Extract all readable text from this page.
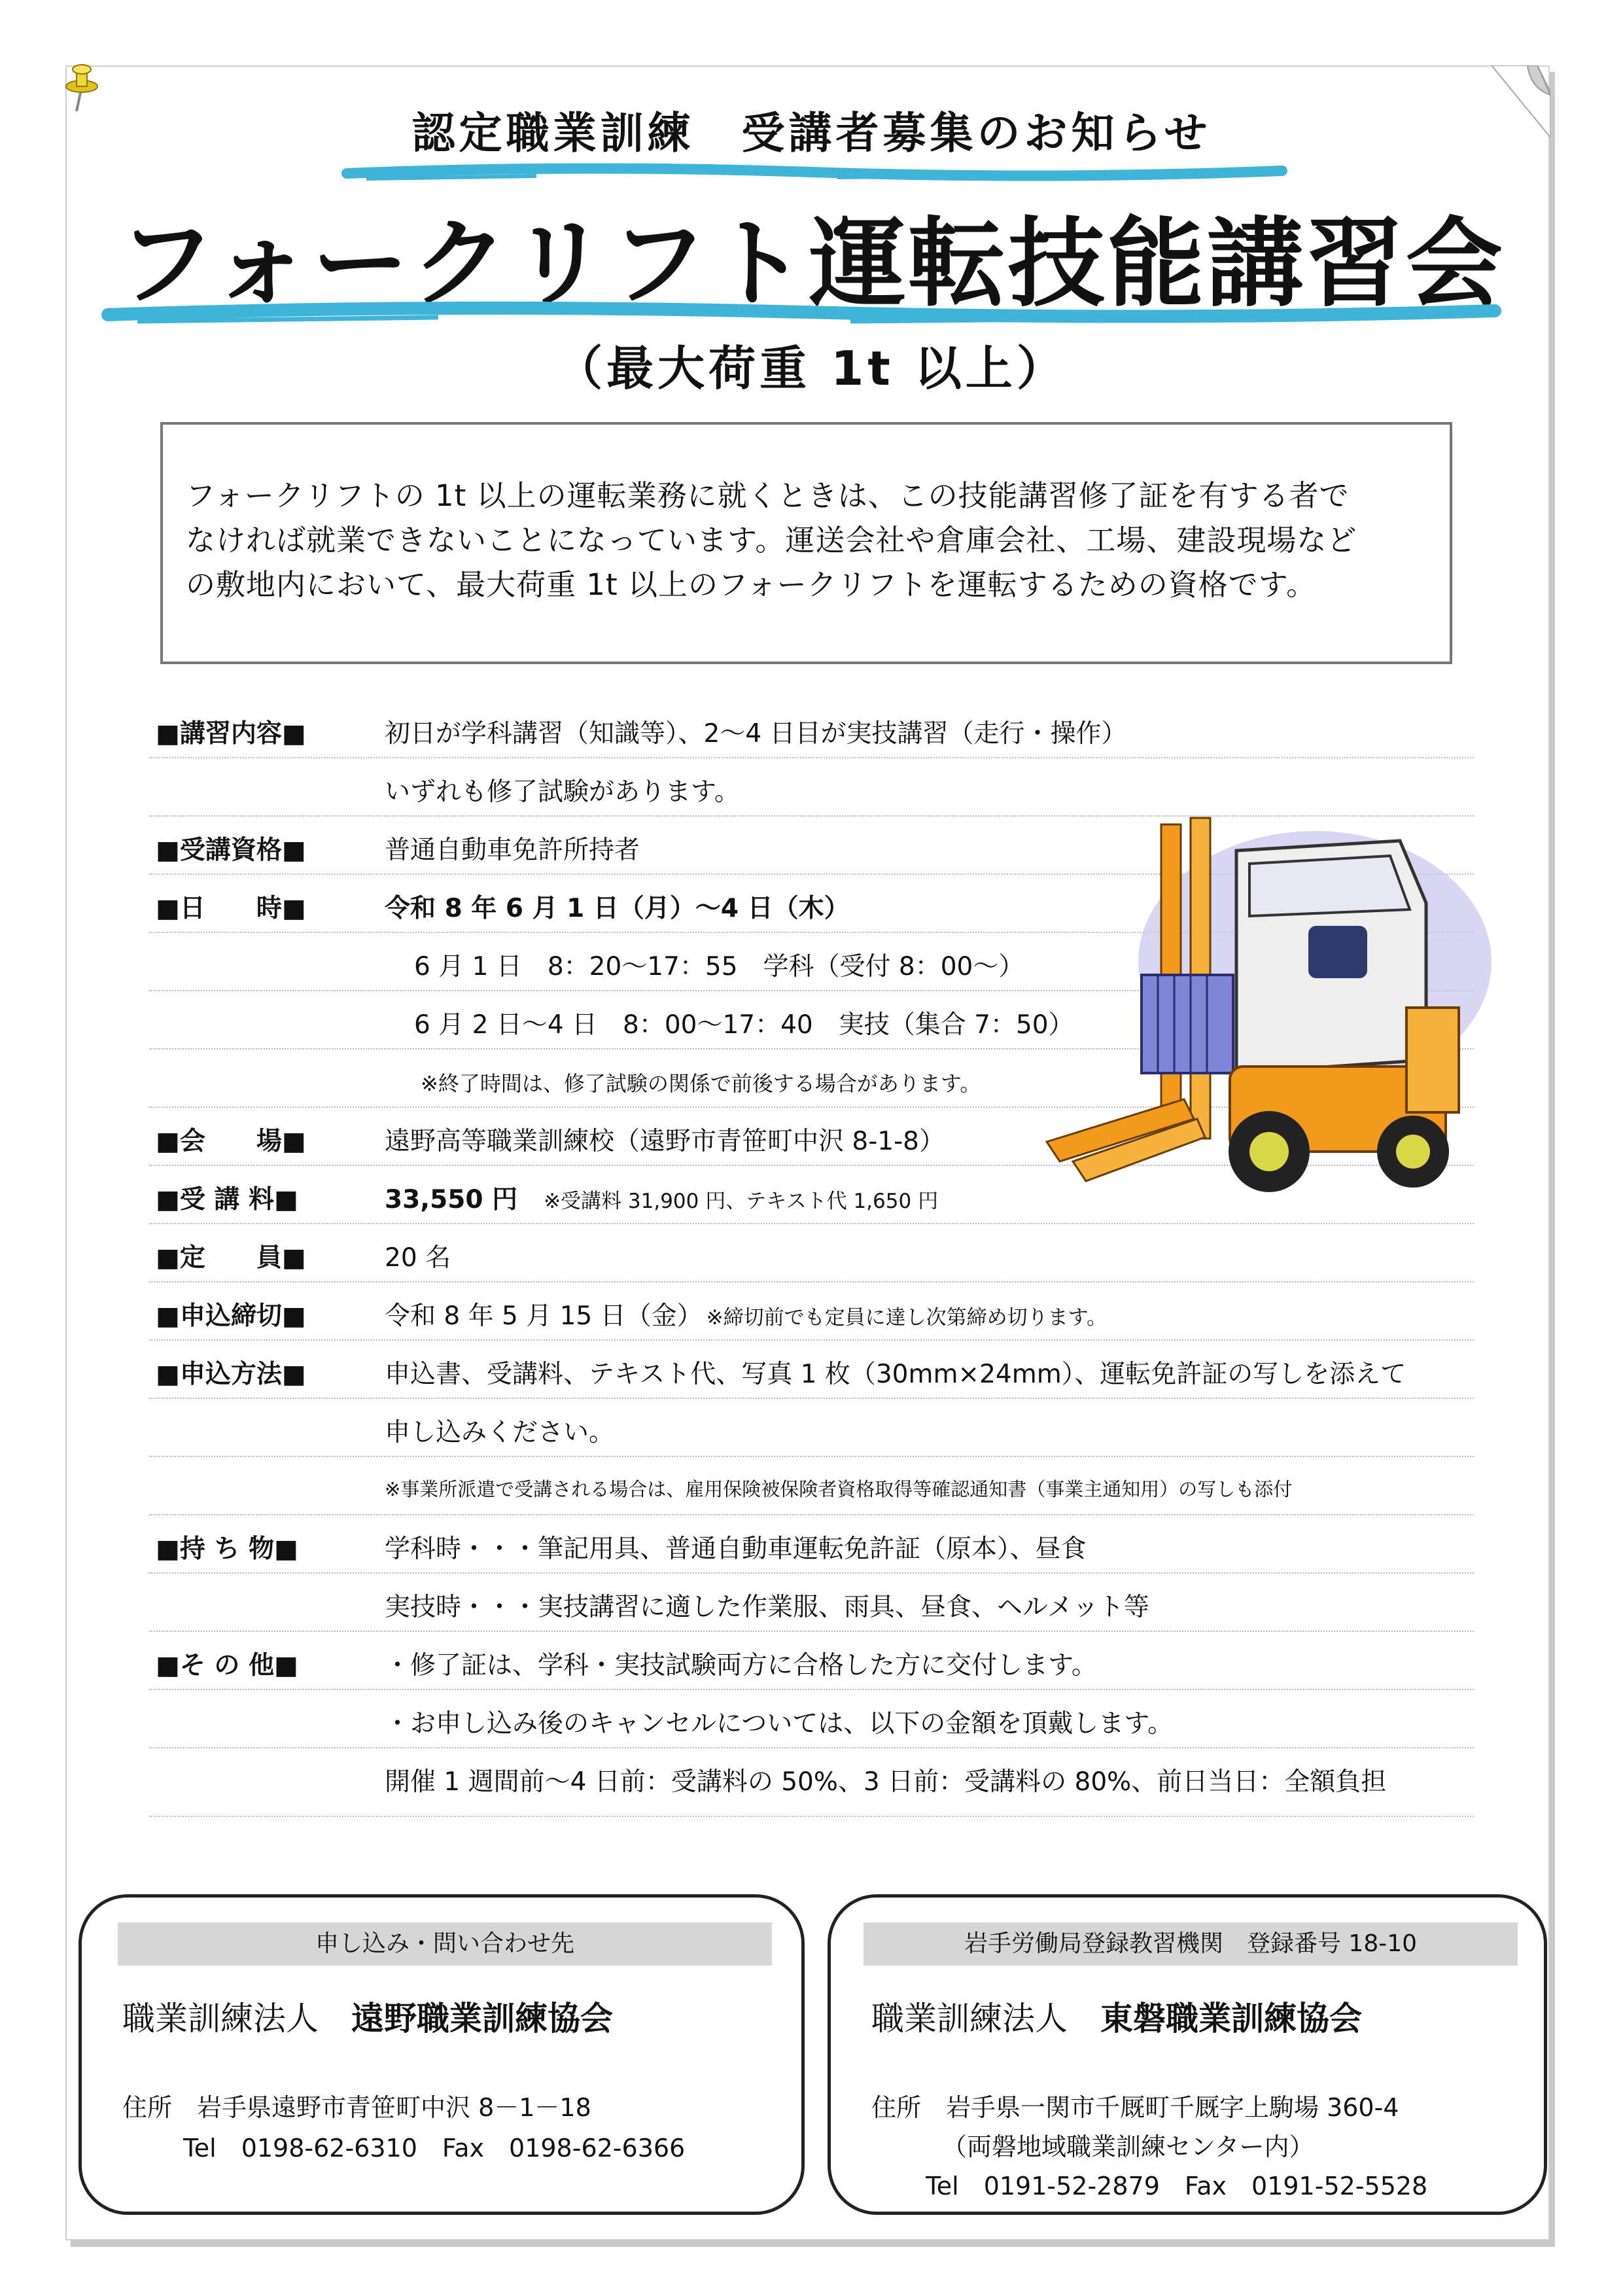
認定職業訓練　受講者募集のお知らせ
フォークリフト運転技能講習会
（最大荷重 1t 以上）
フォークリフトの 1t 以上の運転業務に就くときは、この技能講習修了証を有する者で
なければ就業できないことになっています。運送会社や倉庫会社、工場、建設現場など
の敷地内において、最大荷重 1t 以上のフォークリフトを運転するための資格です。
■講習内容■	初日が学科講習（知識等）、2～4 日目が実技講習（走行・操作）
いずれも修了試験があります。
■受講資格■	普通自動車免許所持者
■日　　時■	令和 8 年 6 月 1 日（月）～4 日（木）
6 月 1 日　8：20～17：55　学科（受付 8：00～）
6 月 2 日～4 日　8：00～17：40　実技（集合 7：50）
※終了時間は、修了試験の関係で前後する場合があります。
■会　　場■	遠野高等職業訓練校（遠野市青笹町中沢 8-1-8）
■受 講 料■	33,550 円 ※受講料 31,900 円、テキスト代 1,650 円
■定　　員■	20 名
■申込締切■	令和 8 年 5 月 15 日（金） ※締切前でも定員に達し次第締め切ります。
■申込方法■	申込書、受講料、テキスト代、写真 1 枚（30mm×24mm）、運転免許証の写しを添えて
申し込みください。
※事業所派遣で受講される場合は、雇用保険被保険者資格取得等確認通知書（事業主通知用）の写しも添付
■持 ち 物■	学科時・・・筆記用具、普通自動車運転免許証（原本）、昼食
実技時・・・実技講習に適した作業服、雨具、昼食、ヘルメット等
■そ の 他■	・修了証は、学科・実技試験両方に合格した方に交付します。
・お申し込み後のキャンセルについては、以下の金額を頂戴します。
開催 1 週間前～4 日前：受講料の 50%、3 日前：受講料の 80%、前日当日：全額負担
申し込み・問い合わせ先
職業訓練法人　 遠野職業訓練協会
住所　岩手県遠野市青笹町中沢 8－1－18
Tel　0198-62-6310　Fax　0198-62-6366
岩手労働局登録教習機関　登録番号 18-10
職業訓練法人　 東磐職業訓練協会
住所　岩手県一関市千厩町千厩字上駒場 360-4
（両磐地域職業訓練センター内）
Tel　0191-52-2879　Fax　0191-52-5528
